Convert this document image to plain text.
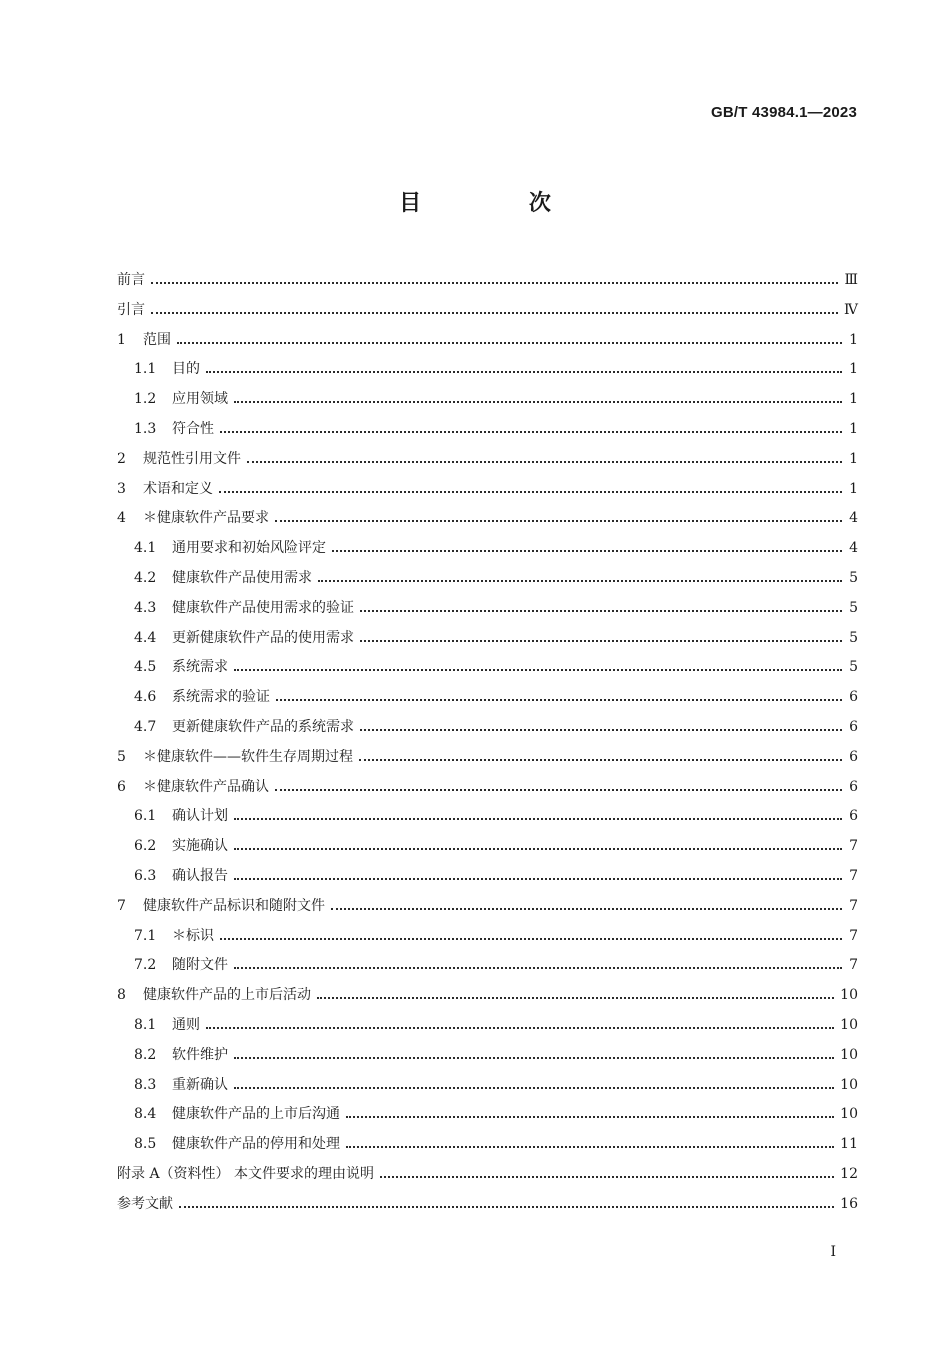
GB/T 43984.1—2023
目 次
前言	Ⅲ
引言	Ⅳ
1	范围	1
1.1	目的	1
1.2	应用领域	1
1.3	符合性	1
2	规范性引用文件	1
3	术语和定义	1
4	＊健康软件产品要求	4
4.1	通用要求和初始风险评定	4
4.2	健康软件产品使用需求	5
4.3	健康软件产品使用需求的验证	5
4.4	更新健康软件产品的使用需求	5
4.5	系统需求	5
4.6	系统需求的验证	6
4.7	更新健康软件产品的系统需求	6
5	＊健康软件——软件生存周期过程	6
6	＊健康软件产品确认	6
6.1	确认计划	6
6.2	实施确认	7
6.3	确认报告	7
7	健康软件产品标识和随附文件	7
7.1	＊标识	7
7.2	随附文件	7
8	健康软件产品的上市后活动	10
8.1	通则	10
8.2	软件维护	10
8.3	重新确认	10
8.4	健康软件产品的上市后沟通	10
8.5	健康软件产品的停用和处理	11
附录 A（资料性） 本文件要求的理由说明	12
参考文献	16
Ⅰ
